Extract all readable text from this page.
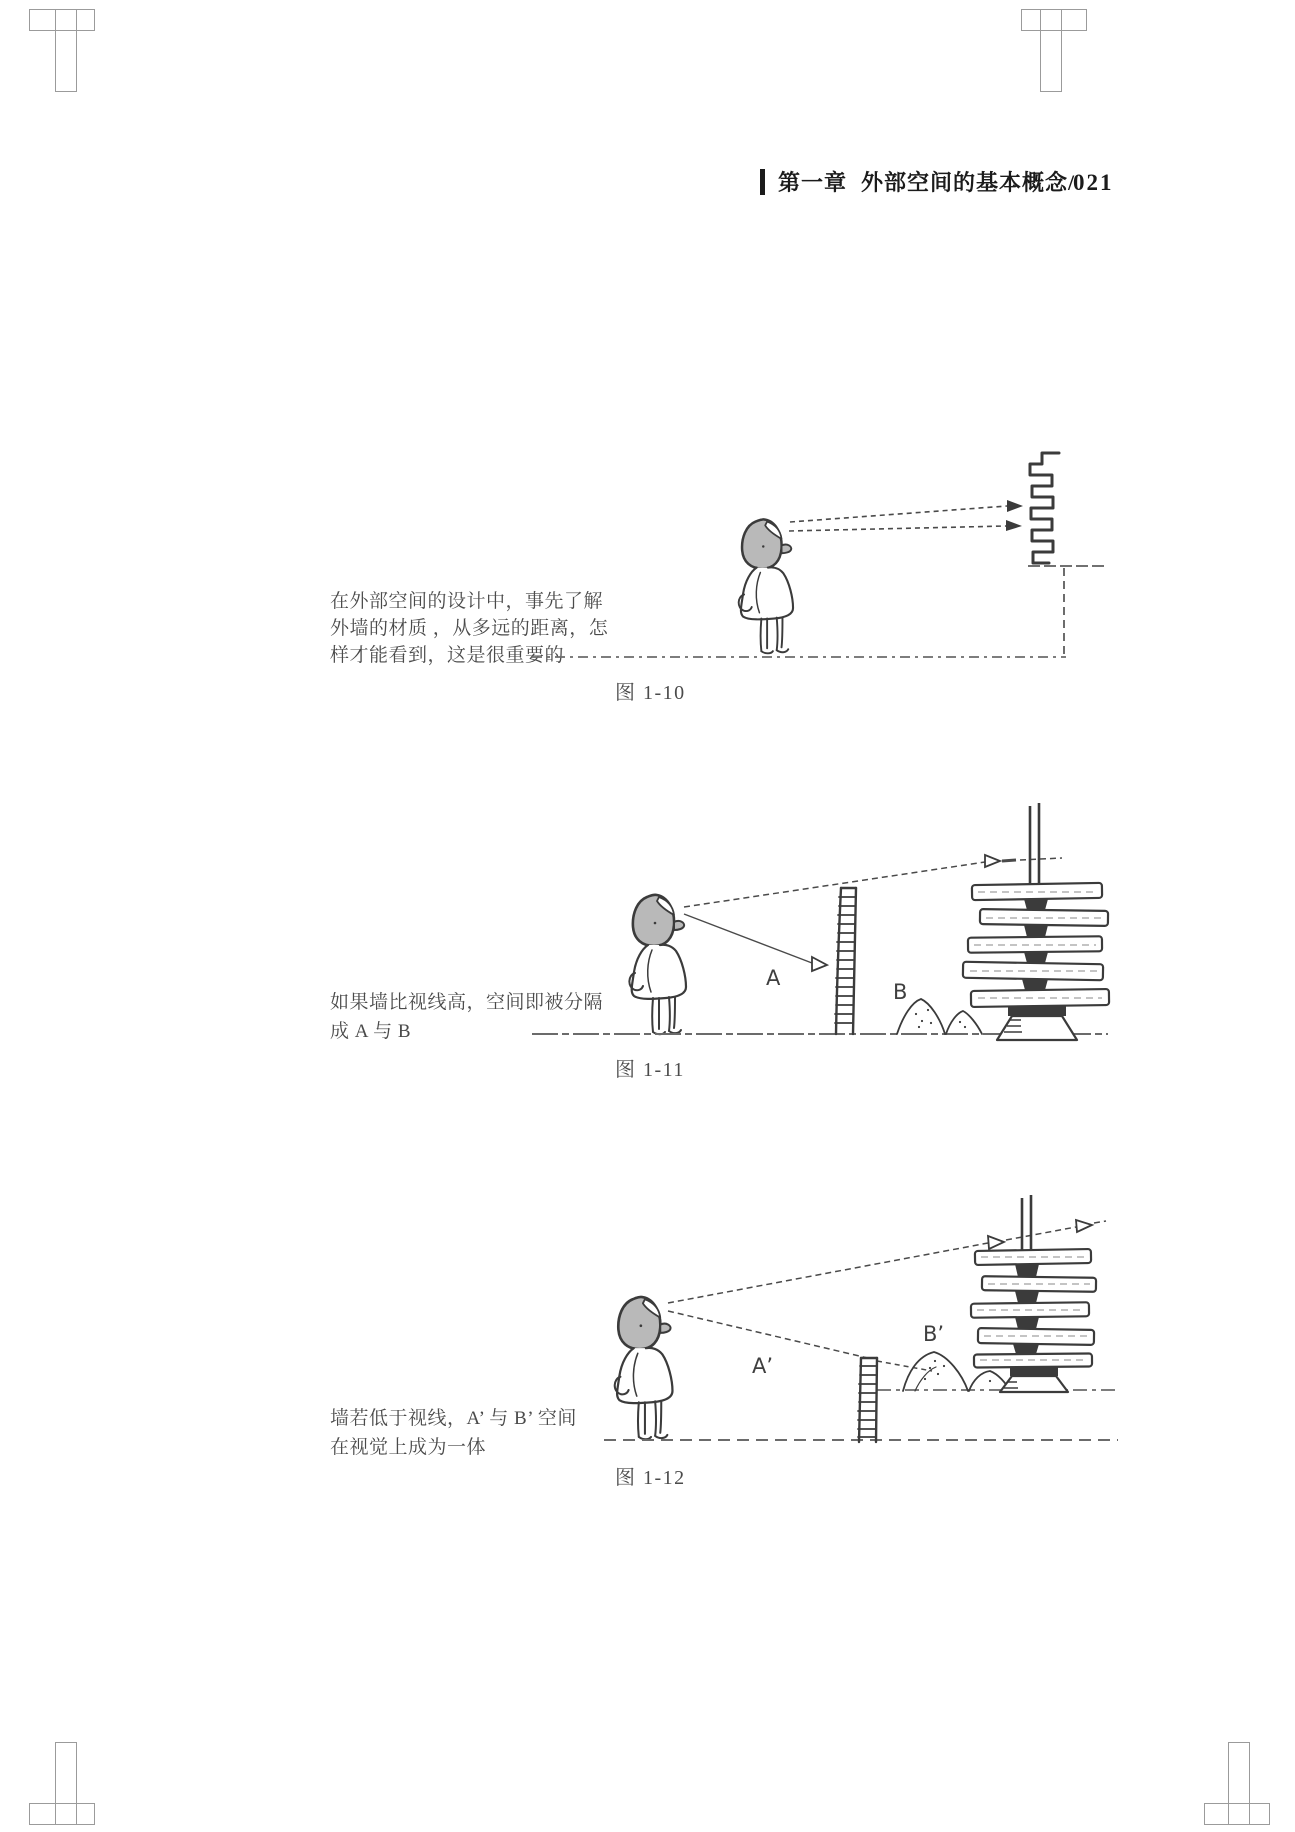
第一章 外部空间的基本概念/
021
在外部空间的设计中，事先了解
外墙的材质 ，从多远的距离，怎
样才能看到，这是很重要的
如果墙比视线高，空间即被分隔
成 A 与 B
墙若低于视线，A’ 与 B’ 空间
在视觉上成为一体
图 1-10
图 1-11
图 1-12
A
B
A’
B’
